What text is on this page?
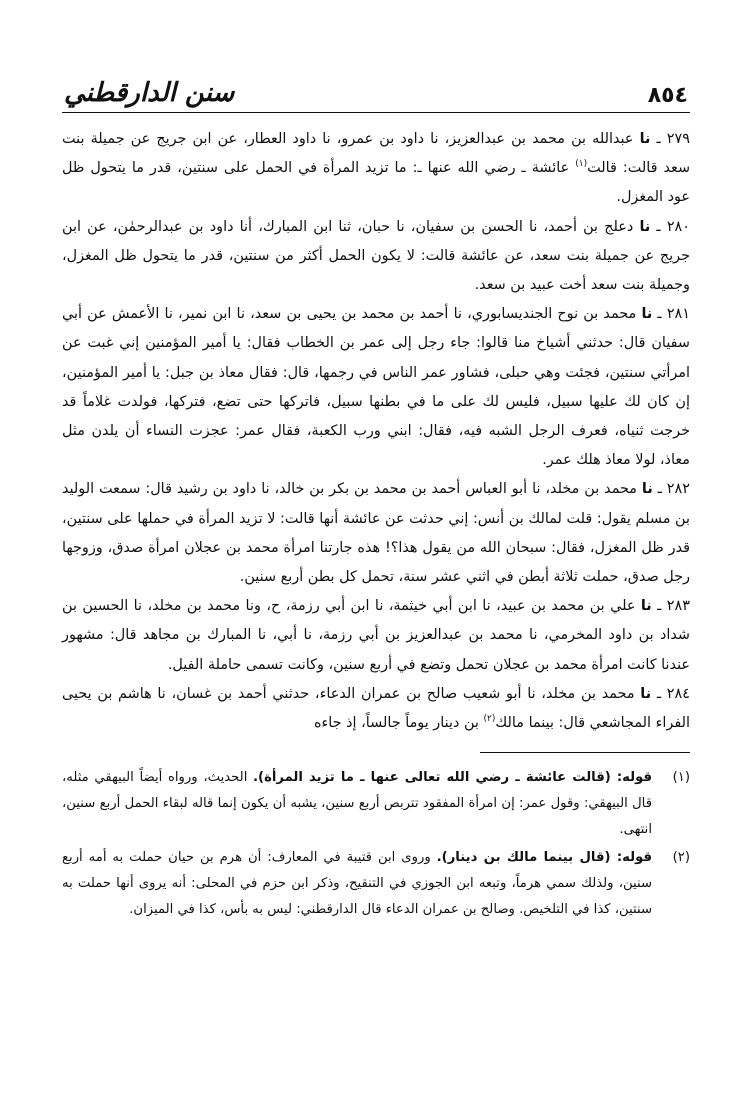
٨٥٤
سنن الدارقطني

٢٧٩ ـ نا عبدالله بن محمد بن عبدالعزيز، نا داود بن عمرو، نا داود العطار، عن ابن جريج عن جميلة بنت سعد قالت: قالت$^{(١)}$ عائشة ـ رضي الله عنها ـ: ما تزيد المرأة في الحمل على سنتين، قدر ما يتحول ظل عود المغزل.

٢٨٠ ـ نا دعلج بن أحمد، نا الحسن بن سفيان، نا حبان، ثنا ابن المبارك، أنا داود بن عبدالرحمٰن، عن ابن جريج عن جميلة بنت سعد، عن عائشة قالت: لا يكون الحمل أكثر من سنتين، قدر ما يتحول ظل المغزل، وجميلة بنت سعد أخت عبيد بن سعد.

٢٨١ ـ نا محمد بن نوح الجنديسابوري، نا أحمد بن محمد بن يحيى بن سعد، نا ابن نمير، نا الأعمش عن أبي سفيان قال: حدثني أشياخ منا قالوا: جاء رجل إلى عمر بن الخطاب فقال: يا أمير المؤمنين إني غبت عن امرأتي سنتين، فجئت وهي حبلى، فشاور عمر الناس في رجمها، قال: فقال معاذ بن جبل: يا أمير المؤمنين، إن كان لك عليها سبيل، فليس لك على ما في بطنها سبيل، فاتركها حتى تضع، فتركها، فولدت غلاماً قد خرجت ثنياه، فعرف الرجل الشبه فيه، فقال: ابني ورب الكعبة، فقال عمر: عجزت النساء أن يلدن مثل معاذ، لولا معاذ هلك عمر.

٢٨٢ ـ نا محمد بن مخلد، نا أبو العباس أحمد بن محمد بن بكر بن خالد، نا داود بن رشيد قال: سمعت الوليد بن مسلم يقول: قلت لمالك بن أنس: إني حدثت عن عائشة أنها قالت: لا تزيد المرأة في حملها على سنتين، قدر ظل المغزل، فقال: سبحان الله من يقول هذا؟! هذه جارتنا امرأة محمد بن عجلان امرأة صدق، وزوجها رجل صدق، حملت ثلاثة أبطن في اثني عشر سنة، تحمل كل بطن أربع سنين.

٢٨٣ ـ نا علي بن محمد بن عبيد، نا ابن أبي خيثمة، نا ابن أبي رزمة، ح، ونا محمد بن مخلد، نا الحسين بن شداد بن داود المخرمي، نا محمد بن عبدالعزيز بن أبي رزمة، نا أبي، نا المبارك بن مجاهد قال: مشهور عندنا كانت امرأة محمد بن عجلان تحمل وتضع في أربع سنين، وكانت تسمى حاملة الفيل.

٢٨٤ ـ نا محمد بن مخلد، نا أبو شعيب صالح بن عمران الدعاء، حدثني أحمد بن غسان، نا هاشم بن يحيى الفراء المجاشعي قال: بينما مالك$^{(٢)}$ بن دينار يوماً جالساً، إذ جاءه

(١)
قوله: (قالت عائشة ـ رضي الله تعالى عنها ـ ما تزيد المرأة). الحديث، ورواه أيضاً البيهقي مثله، قال البيهقي: وقول عمر: إن امرأة المفقود تتربص أربع سنين، يشبه أن يكون إنما قاله لبقاء الحمل أربع سنين، انتهى.
(٢)
قوله: (قال بينما مالك بن دينار). وروى ابن قتيبة في المعارف: أن هرم بن حيان حملت به أمه أربع سنين، ولذلك سمي هرماً، وتبعه ابن الجوزي في التنقيح، وذكر ابن حزم في المحلى: أنه يروى أنها حملت به سنتين، كذا في التلخيص. وصالح بن عمران الدعاء قال الدارقطني: ليس به بأس، كذا في الميزان.
